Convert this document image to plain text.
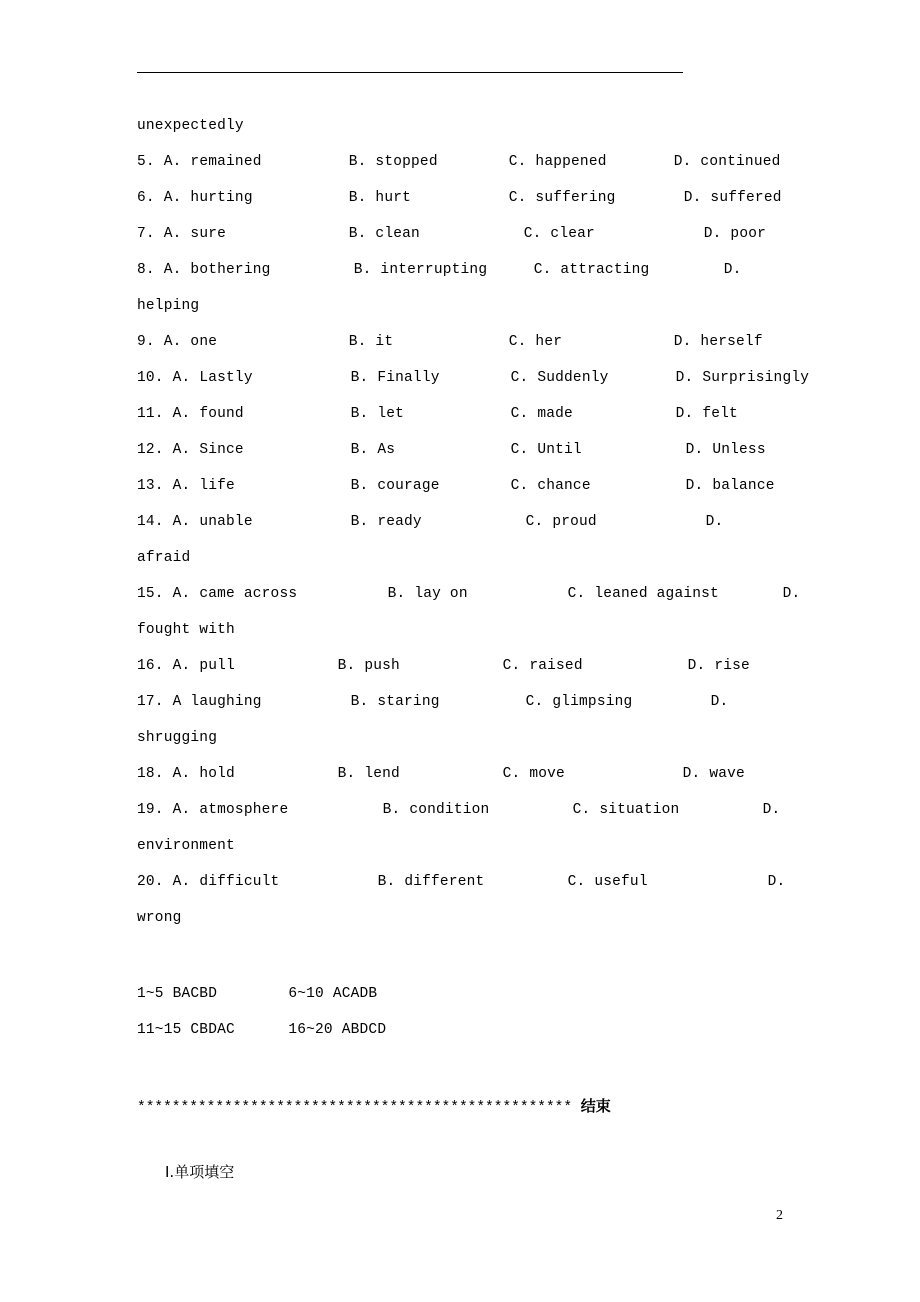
unexpectedly
5. A. remained	B. stopped	C. happened	D. continued
6. A. hurting	B. hurt	C. suffering	D. suffered
7. A. sure	B. clean	C. clear	D. poor
8. A. bothering	B. interrupting	C. attracting	D.
helping
9. A. one	B. it	C. her	D. herself
10. A. Lastly	B. Finally	C. Suddenly	D. Surprisingly
11. A. found	B. let	C. made	D. felt
12. A. Since	B. As	C. Until	D. Unless
13. A. life	B. courage	C. chance	D. balance
14. A. unable	B. ready	C. proud	D.
afraid
15. A. came across	B. lay on	C. leaned against	D.
fought with
16. A. pull	B. push	C. raised	D. rise
17. A laughing	B. staring	C. glimpsing	D.
shrugging
18. A. hold	B. lend	C. move	D. wave
19. A. atmosphere	B. condition	C. situation	D.
environment
20. A. difficult	B. different	C. useful	D.
wrong
1~5 BACBD        6~10 ACADB
11~15 CBDAC      16~20 ABDCD
************************************************** 结束
Ⅰ.单项填空
2
